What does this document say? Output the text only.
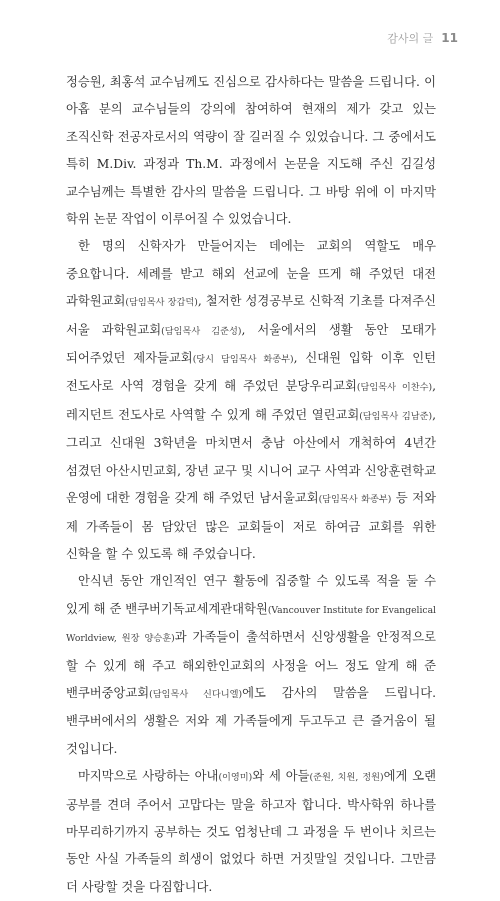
감사의 글 11

정승원, 최홍석 교수님께도 진심으로 감사하다는 말씀을 드립니다. 이 아홉 분의 교수님들의 강의에 참여하여 현재의 제가 갖고 있는 조직신학 전공자로서의 역량이 잘 길러질 수 있었습니다. 그 중에서도 특히 M.Div. 과정과 Th.M. 과정에서 논문을 지도해 주신 김길성 교수님께는 특별한 감사의 말씀을 드립니다. 그 바탕 위에 이 마지막 학위 논문 작업이 이루어질 수 있었습니다.

한 명의 신학자가 만들어지는 데에는 교회의 역할도 매우 중요합니다. 세례를 받고 해외 선교에 눈을 뜨게 해 주었던 대전 과학원교회(담임목사 장갑덕), 철저한 성경공부로 신학적 기초를 다져주신 서울 과학원교회(담임목사 김준성), 서울에서의 생활 동안 모태가 되어주었던 제자들교회(당시 담임목사 화종부), 신대원 입학 이후 인턴 전도사로 사역 경험을 갖게 해 주었던 분당우리교회(담임목사 이찬수), 레지던트 전도사로 사역할 수 있게 해 주었던 열린교회(담임목사 김남준), 그리고 신대원 3학년을 마치면서 충남 아산에서 개척하여 4년간 섬겼던 아산시민교회, 장년 교구 및 시니어 교구 사역과 신앙훈련학교 운영에 대한 경험을 갖게 해 주었던 남서울교회(담임목사 화종부) 등 저와 제 가족들이 몸 담았던 많은 교회들이 저로 하여금 교회를 위한 신학을 할 수 있도록 해 주었습니다.

안식년 동안 개인적인 연구 활동에 집중할 수 있도록 적을 둘 수 있게 해 준 밴쿠버기독교세계관대학원(Vancouver Institute for Evangelical Worldview, 원장 양승훈)과 가족들이 출석하면서 신앙생활을 안정적으로 할 수 있게 해 주고 해외한인교회의 사정을 어느 정도 알게 해 준 밴쿠버중앙교회(담임목사 신다니엘)에도 감사의 말씀을 드립니다. 밴쿠버에서의 생활은 저와 제 가족들에게 두고두고 큰 즐거움이 될 것입니다.

마지막으로 사랑하는 아내(이영미)와 세 아들(준원, 치원, 정원)에게 오랜 공부를 견뎌 주어서 고맙다는 말을 하고자 합니다. 박사학위 하나를 마무리하기까지 공부하는 것도 엄청난데 그 과정을 두 번이나 치르는 동안 사실 가족들의 희생이 없었다 하면 거짓말일 것입니다. 그만큼 더 사랑할 것을 다짐합니다.
